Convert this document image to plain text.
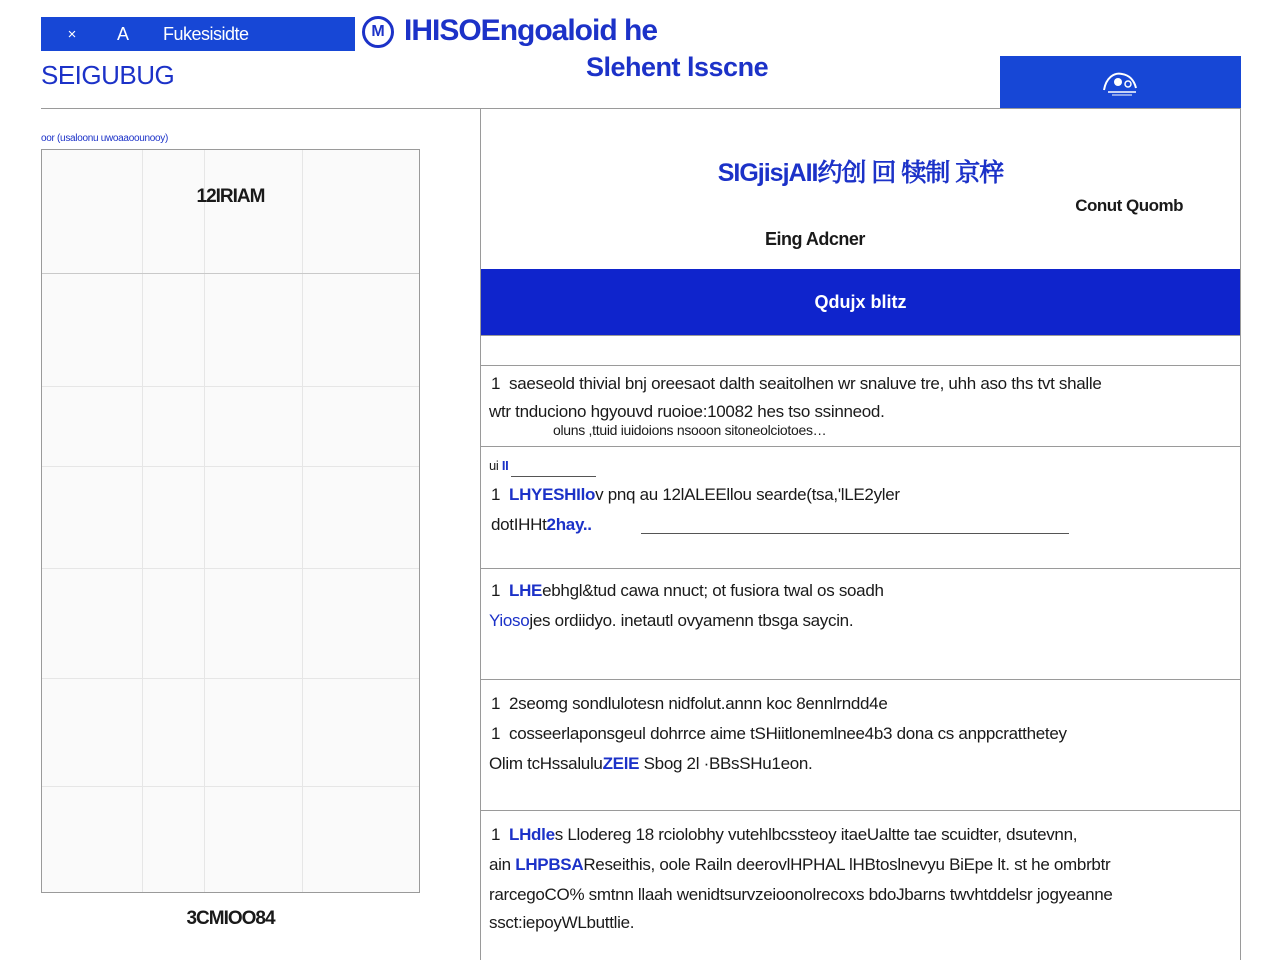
×	A	Fukesisidte	M IHISOEngoaloid he
Slehent lsscne
SEIGUBUG
oor (usaloonu uwoaaoounooy)
12IRIAM
3CMIOO84
SIGjisjAII约创 回 犊制 京梓
Conut Quomb
Eing Adcner
Qdujx blitz
1 saeseold thivial bnj oreesaot dalth seaitolhen wr snaluve tre, uhh aso ths tvt shalle
wtr tnduciono hgyouvd ruoioe:10082 hes tso ssinneod.
oluns ,ttuid iuidoions nsooon sitoneolciotoes…
ui II
1 LHYESHIlov pnq au 12lALEEllou searde(tsa,'lLE2yler
dotIHHt2hay..
1 LHEebhgl&tud cawa nnuct; ot fusiora twal os soadh
Yiosojes ordiidyo. inetautl ovyamenn tbsga saycin.
1 2seomg sondlulotesn nidfolut.annn koc 8ennlrndd4e
1 cosseerlaponsgeul dohrrce aime tSHiitlonemlnee4b3 dona cs anppcratthetey
Olim tcHssaluluZElE Sbog 2l ·BBsSHu1eon.
1 LHdles Llodereg 18 rciolobhy vutehlbcssteoy itaeUaltte tae scuidter, dsutevnn,
ain LHPBSAReseithis, oole Railn deerovlHPHAL lHBtoslnevyu BiEpe lt. st he ombrbtr
rarcegoCO% smtnn llaah wenidtsurvzeioonolrecoxs bdoJbarns twvhtddelsr jogyeanne
ssct:iepoyWLbuttlie.
